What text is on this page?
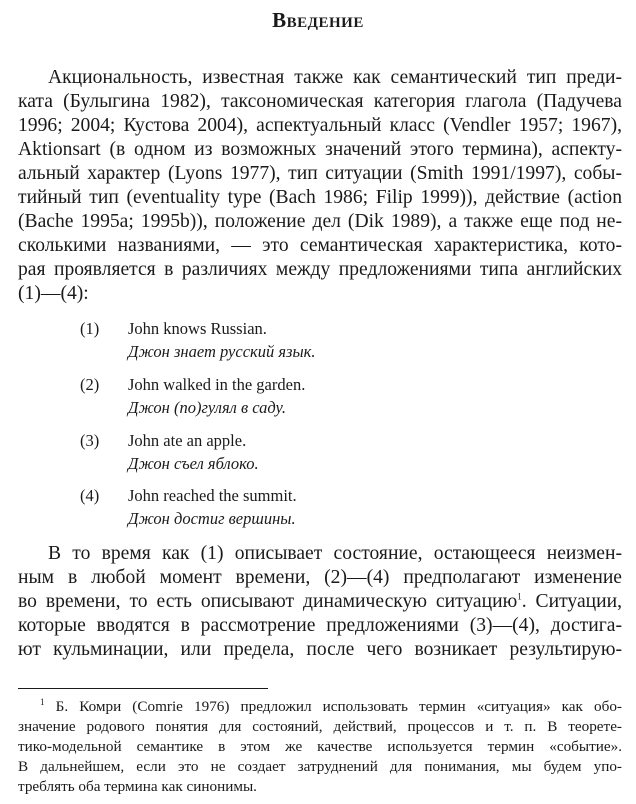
Введение
Акциональность, известная также как семантический тип преди-
ката (Булыгина 1982), таксономическая категория глагола (Падучева
1996; 2004; Кустова 2004), аспектуальный класс (Vendler 1957; 1967),
Aktionsart (в одном из возможных значений этого термина), аспекту-
альный характер (Lyons 1977), тип ситуации (Smith 1991/1997), собы-
тийный тип (eventuality type (Bach 1986; Filip 1999)), действие (action
(Bache 1995a; 1995b)), положение дел (Dik 1989), а также еще под не-
сколькими названиями, — это семантическая характеристика, кото-
рая проявляется в различиях между предложениями типа английских
(1)—(4):
(1) John knows Russian.
Джон знает русский язык.
(2) John walked in the garden.
Джон (по)гулял в саду.
(3) John ate an apple.
Джон съел яблоко.
(4) John reached the summit.
Джон достиг вершины.
В то время как (1) описывает состояние, остающееся неизмен-
ным в любой момент времени, (2)—(4) предполагают изменение
во времени, то есть описывают динамическую ситуацию$^1$. Ситуации,
которые вводятся в рассмотрение предложениями (3)—(4), достига-
ют кульминации, или предела, после чего возникает результирую-
$^1$ Б. Комри (Comrie 1976) предложил использовать термин «ситуация» как обо-
значение родового понятия для состояний, действий, процессов и т. п. В теорете-
тико-модельной семантике в этом же качестве используется термин «событие».
В дальнейшем, если это не создает затруднений для понимания, мы будем упо-
треблять оба термина как синонимы.
